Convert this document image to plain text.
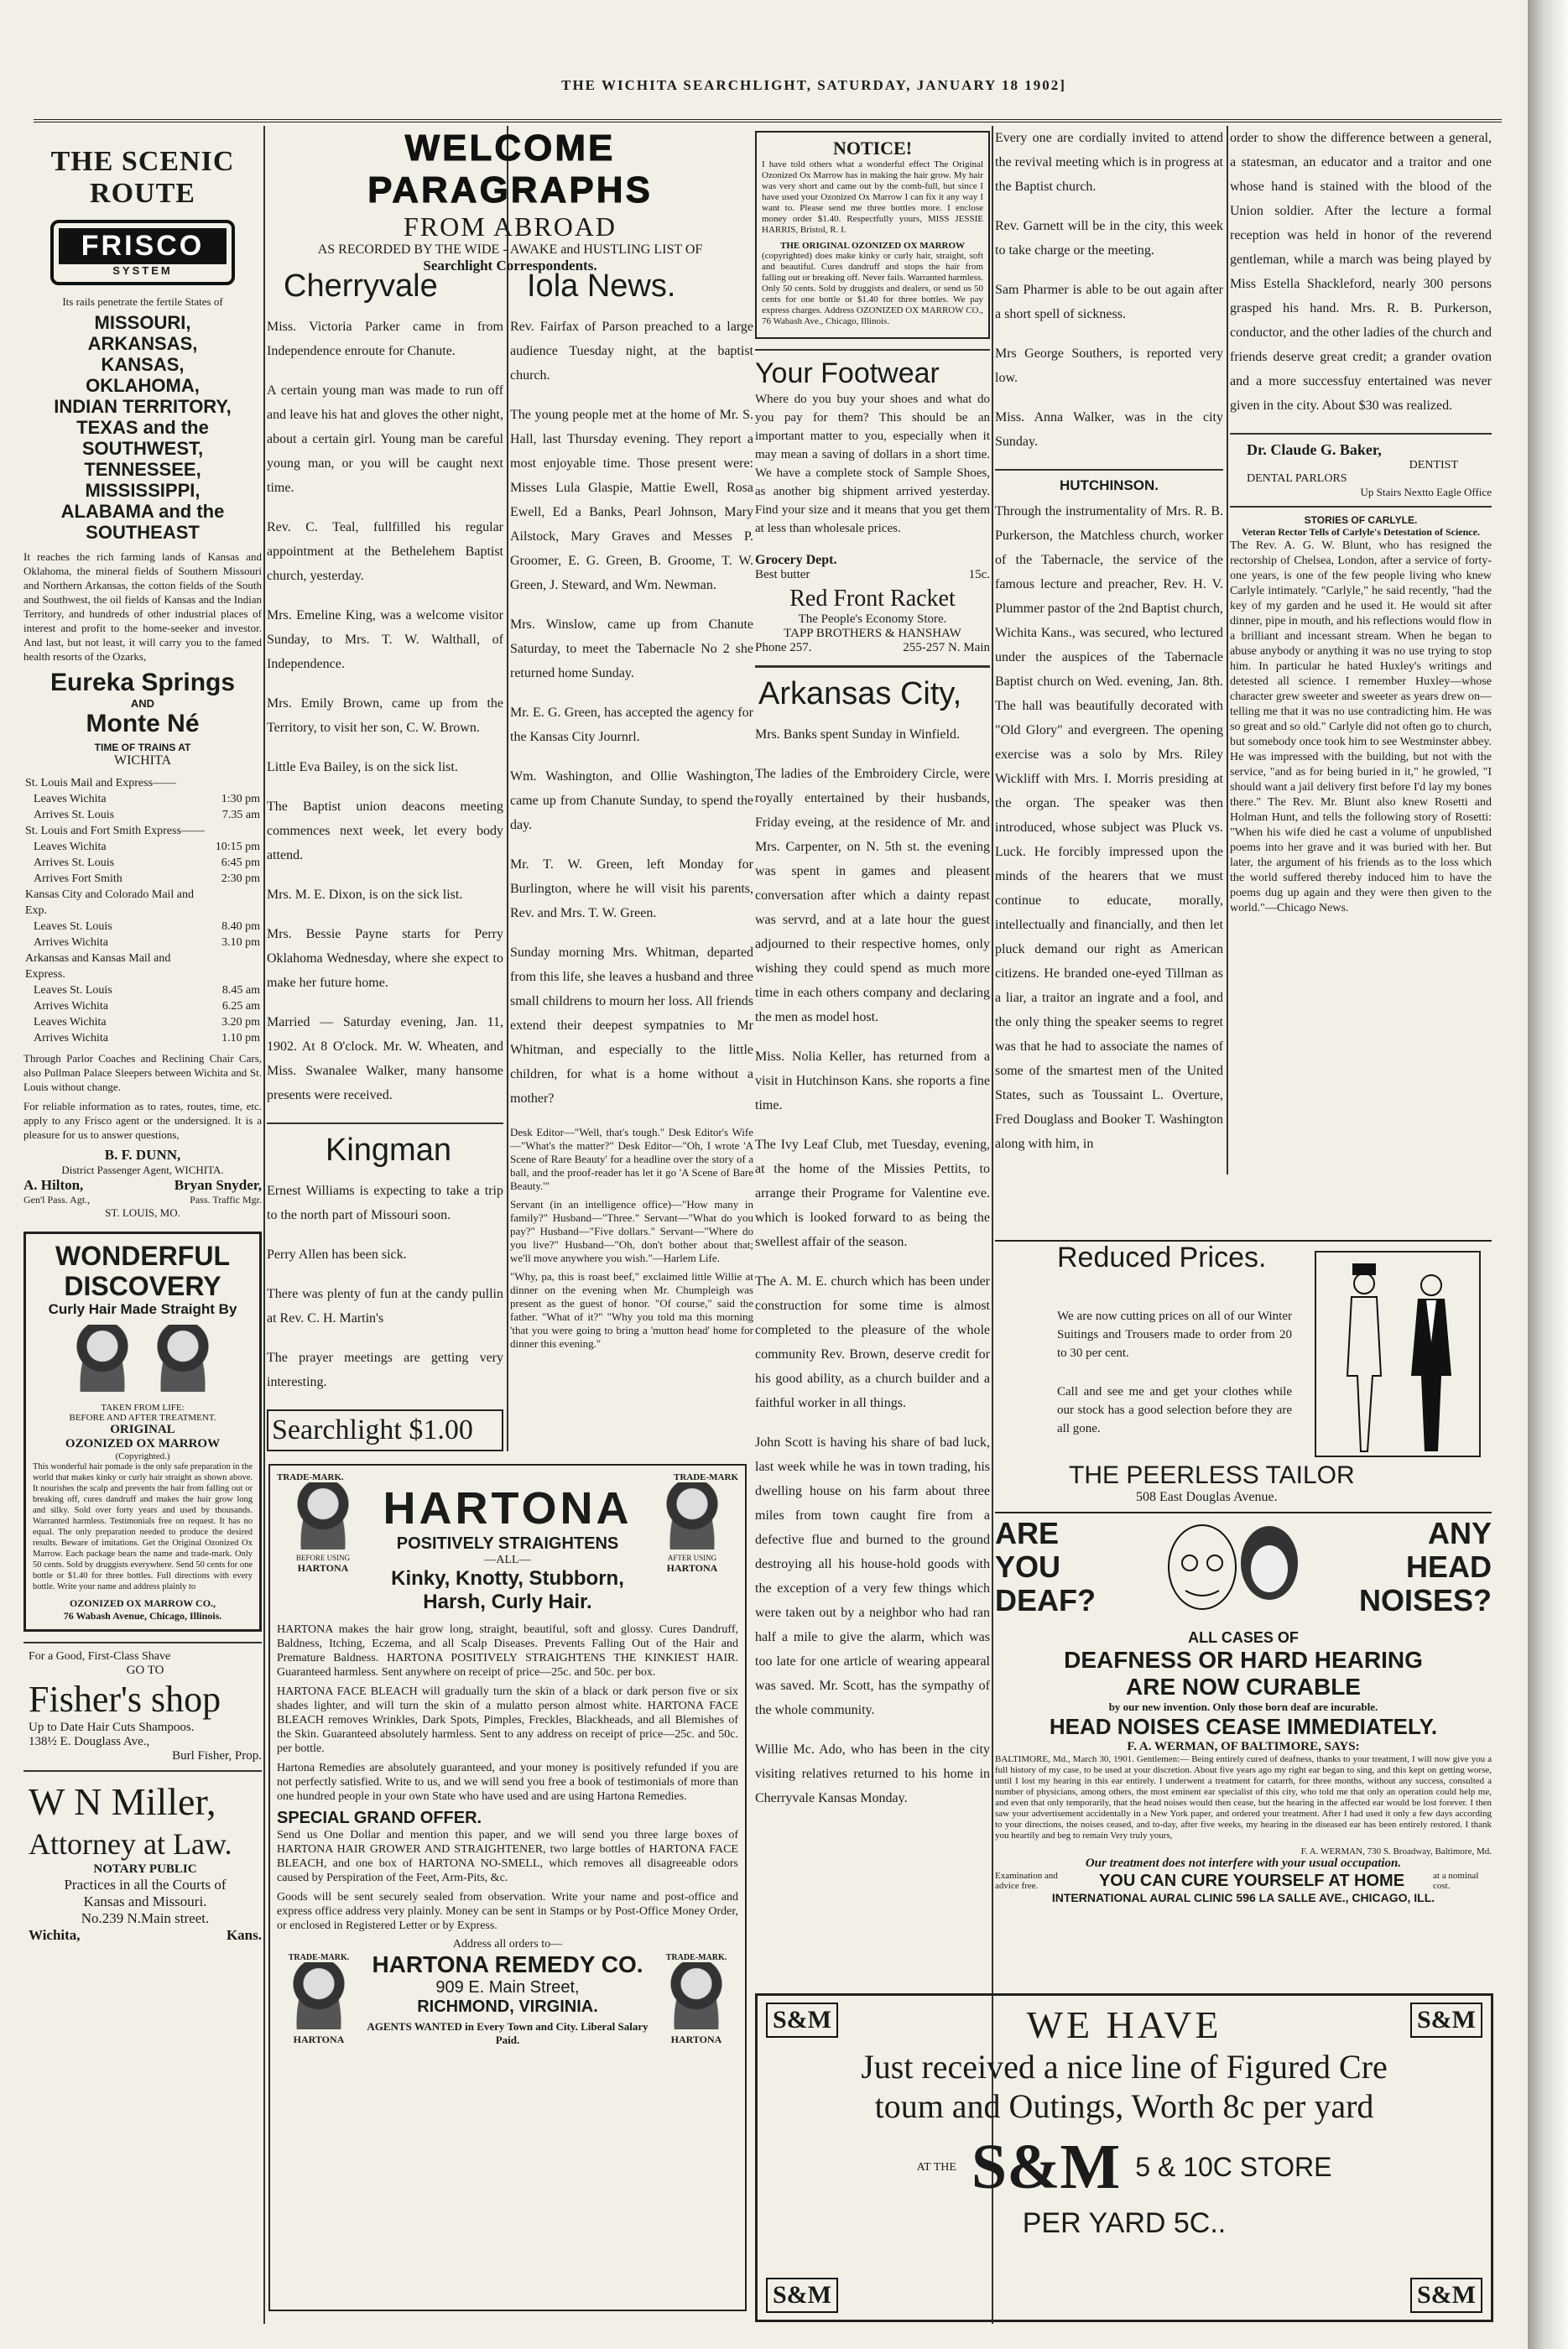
THE WICHITA SEARCHLIGHT, SATURDAY, JANUARY 18 1902]
THE SCENIC ROUTE
FRISCO
SYSTEM
Its rails penetrate the fertile States of
MISSOURI,
ARKANSAS,
KANSAS,
OKLAHOMA,
INDIAN TERRITORY,
TEXAS and the
SOUTHWEST,
TENNESSEE,
MISSISSIPPI,
ALABAMA and the
SOUTHEAST

It reaches the rich farming lands of Kansas and Oklahoma, the mineral fields of Southern Missouri and Northern Arkansas, the cotton fields of the South and Southwest, the oil fields of Kansas and the Indian Territory, and hundreds of other industrial places of interest and profit to the home-seeker and investor. And last, but not least, it will carry you to the famed health resorts of the Ozarks,

Eureka Springs
AND
Monte Né
TIME OF TRAINS AT
WICHITA
St. Louis Mail and Express——	
Leaves Wichita	1:30 pm
Arrives St. Louis	7.35 am
St. Louis and Fort Smith Express——	
Leaves Wichita	10:15 pm
Arrives St. Louis	6:45 pm
Arrives Fort Smith	2:30 pm
Kansas City and Colorado Mail and Exp.	
Leaves St. Louis	8.40 pm
Arrives Wichita	3.10 pm
Arkansas and Kansas Mail and Express.	
Leaves St. Louis	8.45 am
Arrives Wichita	6.25 am
Leaves Wichita	3.20 pm
Arrives Wichita	1.10 pm

Through Parlor Coaches and Reclining Chair Cars, also Pullman Palace Sleepers between Wichita and St. Louis without change.

For reliable information as to rates, routes, time, etc. apply to any Frisco agent or the undersigned. It is a pleasure for us to answer questions,

B. F. DUNN,
District Passenger Agent, WICHITA.
A. Hilton,	Bryan Snyder,
Gen'l Pass. Agt.,	Pass. Traffic Mgr.
ST. LOUIS, MO.
WONDERFUL
DISCOVERY
Curly Hair Made Straight By

TAKEN FROM LIFE:
BEFORE AND AFTER TREATMENT.
ORIGINAL
OZONIZED OX MARROW
(Copyrighted.)

This wonderful hair pomade is the only safe preparation in the world that makes kinky or curly hair straight as shown above. It nourishes the scalp and prevents the hair from falling out or breaking off, cures dandruff and makes the hair grow long and silky. Sold over forty years and used by thousands. Warranted harmless. Testimonials free on request. It has no equal. The only preparation needed to produce the desired results. Beware of imitations. Get the Original Ozonized Ox Marrow. Each package bears the name and trade-mark. Only 50 cents. Sold by druggists everywhere. Send 50 cents for one bottle or $1.40 for three bottles. Full directions with every bottle. Write your name and address plainly to

OZONIZED OX MARROW CO.,
76 Wabash Avenue, Chicago, Illinois.
For a Good, First-Class Shave
GO TO
Fisher's shop
Up to Date Hair Cuts Shampoos.
138½ E. Douglass Ave.,
Burl Fisher, Prop.
W N Miller,
Attorney at Law.
NOTARY PUBLIC
Practices in all the Courts of
Kansas and Missouri.
No.239 N.Main street.
Wichita,	Kans.
WELCOME PARAGRAPHS
FROM ABROAD
AS RECORDED BY THE WIDE - AWAKE and HUSTLING LIST OF
Searchlight Correspondents.
Cherryvale

Miss. Victoria Parker came in from Independence enroute for Chanute.

A certain young man was made to run off and leave his hat and gloves the other night, about a certain girl. Young man be careful young man, or you will be caught next time.

Rev. C. Teal, fullfilled his regular appointment at the Bethelehem Baptist church, yesterday.

Mrs. Emeline King, was a welcome visitor Sunday, to Mrs. T. W. Walthall, of Independence.

Mrs. Emily Brown, came up from the Territory, to visit her son, C. W. Brown.

Little Eva Bailey, is on the sick list.

The Baptist union deacons meeting commences next week, let every body attend.

Mrs. M. E. Dixon, is on the sick list.

Mrs. Bessie Payne starts for Perry Oklahoma Wednesday, where she expect to make her future home.

Married — Saturday evening, Jan. 11, 1902. At 8 O'clock. Mr. W. Wheaten, and Miss. Swanalee Walker, many hansome presents were received.

Kingman

Ernest Williams is expecting to take a trip to the north part of Missouri soon.

Perry Allen has been sick.

There was plenty of fun at the candy pullin at Rev. C. H. Martin's

The prayer meetings are getting very interesting.

Searchlight $1.00
Iola News.

Rev. Fairfax of Parson preached to a large audience Tuesday night, at the baptist church.

The young people met at the home of Mr. S. Hall, last Thursday evening. They report a most enjoyable time. Those present were: Misses Lula Glaspie, Mattie Ewell, Rosa Ewell, Ed a Banks, Pearl Johnson, Mary Ailstock, Mary Graves and Messes P. Groomer, E. G. Green, B. Groome, T. W. Green, J. Steward, and Wm. Newman.

Mrs. Winslow, came up from Chanute Saturday, to meet the Tabernacle No 2 she returned home Sunday.

Mr. E. G. Green, has accepted the agency for the Kansas City Journrl.

Wm. Washington, and Ollie Washington, came up from Chanute Sunday, to spend the day.

Mr. T. W. Green, left Monday for Burlington, where he will visit his parents, Rev. and Mrs. T. W. Green.

Sunday morning Mrs. Whitman, departed from this life, she leaves a husband and three small childrens to mourn her loss. All friends extend their deepest sympatnies to Mr Whitman, and especially to the little children, for what is a home without a mother?

Desk Editor—"Well, that's tough." Desk Editor's Wife—"What's the matter?" Desk Editor—"Oh, I wrote 'A Scene of Rare Beauty' for a headline over the story of a ball, and the proof-reader has let it go 'A Scene of Bare Beauty.'"

Servant (in an intelligence office)—"How many in family?" Husband—"Three." Servant—"What do you pay?" Husband—"Five dollars." Servant—"Where do you live?" Husband—"Oh, don't bother about that; we'll move anywhere you wish."—Harlem Life.

"Why, pa, this is roast beef," exclaimed little Willie at dinner on the evening when Mr. Chumpleigh was present as the guest of honor. "Of course," said the father. "What of it?" "Why you told ma this morning 'that you were going to bring a 'mutton head' home for dinner this evening."

TRADE-MARK.	TRADE-MARK
BEFORE USING
HARTONA
HARTONA
POSITIVELY STRAIGHTENS
—ALL—
Kinky, Knotty, Stubborn,
Harsh, Curly Hair.
AFTER USING
HARTONA

HARTONA makes the hair grow long, straight, beautiful, soft and glossy. Cures Dandruff, Baldness, Itching, Eczema, and all Scalp Diseases. Prevents Falling Out of the Hair and Premature Baldness. HARTONA POSITIVELY STRAIGHTENS THE KINKIEST HAIR. Guaranteed harmless. Sent anywhere on receipt of price—25c. and 50c. per box.

HARTONA FACE BLEACH will gradually turn the skin of a black or dark person five or six shades lighter, and will turn the skin of a mulatto person almost white. HARTONA FACE BLEACH removes Wrinkles, Dark Spots, Pimples, Freckles, Blackheads, and all Blemishes of the Skin. Guaranteed absolutely harmless. Sent to any address on receipt of price—25c. and 50c. per bottle.

Hartona Remedies are absolutely guaranteed, and your money is positively refunded if you are not perfectly satisfied. Write to us, and we will send you free a book of testimonials of more than one hundred people in your own State who have used and are using Hartona Remedies.

SPECIAL GRAND OFFER.

Send us One Dollar and mention this paper, and we will send you three large boxes of HARTONA HAIR GROWER AND STRAIGHTENER, two large bottles of HARTONA FACE BLEACH, and one box of HARTONA NO-SMELL, which removes all disagreeable odors caused by Perspiration of the Feet, Arm-Pits, &c.

Goods will be sent securely sealed from observation. Write your name and post-office and express office address very plainly. Money can be sent in Stamps or by Post-Office Money Order, or enclosed in Registered Letter or by Express.

Address all orders to—
TRADE-MARK.
HARTONA
HARTONA REMEDY CO.
909 E. Main Street,
RICHMOND, VIRGINIA.
AGENTS WANTED in Every Town and City. Liberal Salary Paid.
TRADE-MARK.
HARTONA
NOTICE!

I have told others what a wonderful effect The Original Ozonized Ox Marrow has in making the hair grow. My hair was very short and came out by the comb-full, but since I have used your Ozonized Ox Marrow I can fix it any way I want to. Please send me three bottles more. I enclose money order $1.40. Respectfully yours, MISS JESSIE HARRIS, Bristol, R. I.

THE ORIGINAL OZONIZED OX MARROW

(copyrighted) does make kinky or curly hair, straight, soft and beautiful. Cures dandruff and stops the hair from falling out or breaking off. Never fails. Warranted harmless. Only 50 cents. Sold by druggists and dealers, or send us 50 cents for one bottle or $1.40 for three bottles. We pay express charges. Address OZONIZED OX MARROW CO., 76 Wabash Ave., Chicago, Illinois.

Your Footwear

Where do you buy your shoes and what do you pay for them? This should be an important matter to you, especially when it may mean a saving of dollars in a short time. We have a complete stock of Sample Shoes, as another big shipment arrived yesterday. Find your size and it means that you get them at less than wholesale prices.

Grocery Dept.
Best butter	15c.
Red Front Racket
The People's Economy Store.
TAPP BROTHERS & HANSHAW
Phone 257.	255-257 N. Main
Arkansas City,

Mrs. Banks spent Sunday in Winfield.

The ladies of the Embroidery Circle, were royally entertained by their husbands, Friday eveing, at the residence of Mr. and Mrs. Carpenter, on N. 5th st. the evening was spent in games and pleasent conversation after which a dainty repast was servrd, and at a late hour the guest adjourned to their respective homes, only wishing they could spend as much more time in each others company and declaring the men as model host.

Miss. Nolia Keller, has returned from a visit in Hutchinson Kans. she roports a fine time.

The Ivy Leaf Club, met Tuesday, evening, at the home of the Missies Pettits, to arrange their Programe for Valentine eve. which is looked forward to as being the swellest affair of the season.

The A. M. E. church which has been under construction for some time is almost completed to the pleasure of the whole community Rev. Brown, deserve credit for his good ability, as a church builder and a faithful worker in all things.

John Scott is having his share of bad luck, last week while he was in town trading, his dwelling house on his farm about three miles from town caught fire from a defective flue and burned to the ground destroying all his house-hold goods with the exception of a very few things which were taken out by a neighbor who had ran half a mile to give the alarm, which was too late for one article of wearing appearal was saved. Mr. Scott, has the sympathy of the whole community.

Willie Mc. Ado, who has been in the city visiting relatives returned to his home in Cherryvale Kansas Monday.

Every one are cordially invited to attend the revival meeting which is in progress at the Baptist church.

Rev. Garnett will be in the city, this week to take charge or the meeting.

Sam Pharmer is able to be out again after a short spell of sickness.

Mrs George Southers, is reported very low.

Miss. Anna Walker, was in the city Sunday.

HUTCHINSON.

Through the instrumentality of Mrs. R. B. Purkerson, the Matchless church, worker of the Tabernacle, the service of the famous lecture and preacher, Rev. H. V. Plummer pastor of the 2nd Baptist church, Wichita Kans., was secured, who lectured under the auspices of the Tabernacle Baptist church on Wed. evening, Jan. 8th. The hall was beautifully decorated with "Old Glory" and evergreen. The opening exercise was a solo by Mrs. Riley Wickliff with Mrs. I. Morris presiding at the organ. The speaker was then introduced, whose subject was Pluck vs. Luck. He forcibly impressed upon the minds of the hearers that we must continue to educate, morally, intellectually and financially, and then let pluck demand our right as American citizens. He branded one-eyed Tillman as a liar, a traitor an ingrate and a fool, and the only thing the speaker seems to regret was that he had to associate the names of some of the smartest men of the United States, such as Toussaint L. Overture, Fred Douglass and Booker T. Washington along with him, in

order to show the difference between a general, a statesman, an educator and a traitor and one whose hand is stained with the blood of the Union soldier. After the lecture a formal reception was held in honor of the reverend gentleman, while a march was being played by Miss Estella Shackleford, nearly 300 persons grasped his hand. Mrs. R. B. Purkerson, conductor, and the other ladies of the church and friends deserve great credit; a grander ovation and a more successfuy entertained was never given in the city. About $30 was realized.

Dr. Claude G. Baker,
DENTIST
DENTAL PARLORS
Up Stairs Nextto Eagle Office
STORIES OF CARLYLE.
Veteran Rector Tells of Carlyle's Detestation of Science.

The Rev. A. G. W. Blunt, who has resigned the rectorship of Chelsea, London, after a service of forty-one years, is one of the few people living who knew Carlyle intimately. "Carlyle," he said recently, "had the key of my garden and he used it. He would sit after dinner, pipe in mouth, and his reflections would flow in a brilliant and incessant stream. When he began to abuse anybody or anything it was no use trying to stop him. In particular he hated Huxley's writings and detested all science. I remember Huxley—whose character grew sweeter and sweeter as years drew on—telling me that it was no use contradicting him. He was so great and so old." Carlyle did not often go to church, but somebody once took him to see Westminster abbey. He was impressed with the building, but not with the service, "and as for being buried in it," he growled, "I should want a jail delivery first before I'd lay my bones there." The Rev. Mr. Blunt also knew Rosetti and Holman Hunt, and tells the following story of Rosetti: "When his wife died he cast a volume of unpublished poems into her grave and it was buried with her. But later, the argument of his friends as to the loss which the world suffered thereby induced him to have the poems dug up again and they were then given to the world."—Chicago News.

Reduced Prices.

We are now cutting prices on all of our Winter Suitings and Trousers made to order from 20 to 30 per cent.

Call and see me and get your clothes while our stock has a good selection before they are all gone.

THE PEERLESS TAILOR
508 East Douglas Avenue.
ARE
YOU
DEAF?
ANY
HEAD
NOISES?
ALL CASES OF
DEAFNESS OR HARD HEARING
ARE NOW CURABLE
by our new invention. Only those born deaf are incurable.
HEAD NOISES CEASE IMMEDIATELY.
F. A. WERMAN, OF BALTIMORE, SAYS:

BALTIMORE, Md., March 30, 1901. Gentlemen:— Being entirely cured of deafness, thanks to your treatment, I will now give you a full history of my case, to be used at your discretion. About five years ago my right ear began to sing, and this kept on getting worse, until I lost my hearing in this ear entirely. I underwent a treatment for catarrh, for three months, without any success, consulted a number of physicians, among others, the most eminent ear specialist of this city, who told me that only an operation could help me, and even that only temporarily, that the head noises would then cease, but the hearing in the affected ear would be lost forever. I then saw your advertisement accidentally in a New York paper, and ordered your treatment. After I had used it only a few days according to your directions, the noises ceased, and to-day, after five weeks, my hearing in the diseased ear has been entirely restored. I thank you heartily and beg to remain Very truly yours,

F. A. WERMAN, 730 S. Broadway, Baltimore, Md.
Our treatment does not interfere with your usual occupation.
Examination and advice free.	YOU CAN CURE YOURSELF AT HOME	at a nominal cost.
INTERNATIONAL AURAL CLINIC 596 LA SALLE AVE., CHICAGO, ILL.
S&M	S&M
S&M	S&M
WE HAVE
Just received a nice line of Figured Cre
toum and Outings, Worth 8c per yard
AT THE S&M 5 & 10C STORE
PER YARD 5C..
